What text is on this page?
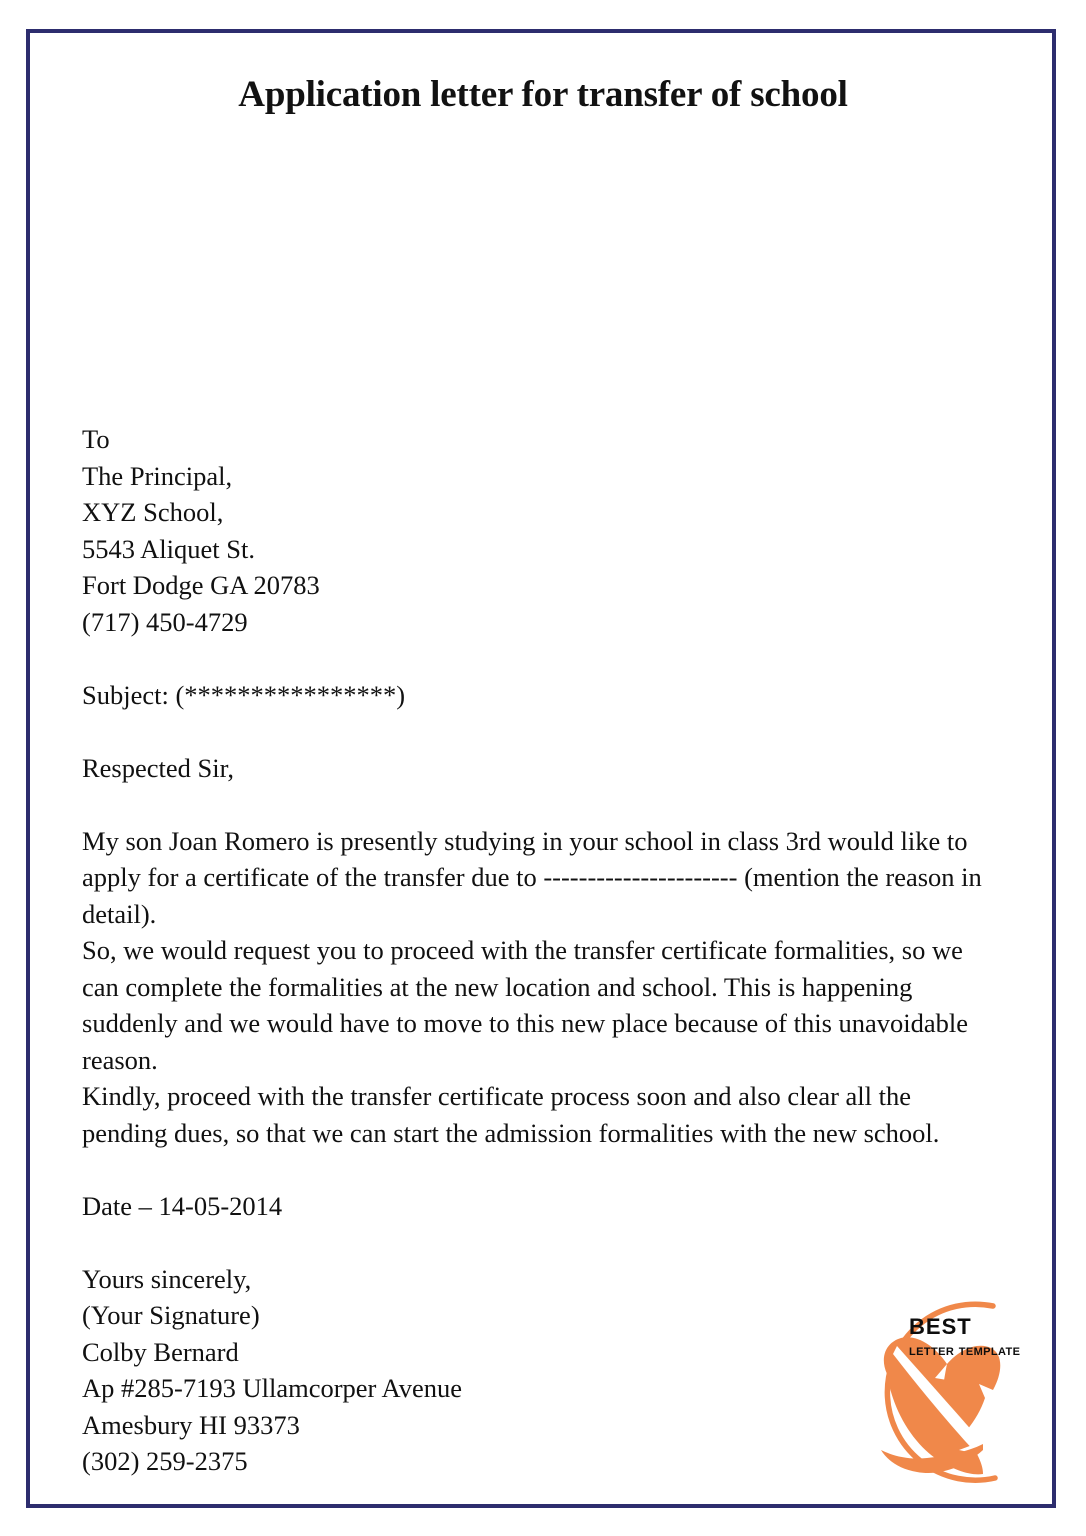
Application letter for transfer of school
To
The Principal,
XYZ School,
5543 Aliquet St.
Fort Dodge GA 20783
(717) 450-4729
Subject: (****************)
Respected Sir,

My son Joan Romero is presently studying in your school in class 3rd would like to apply for a certificate of the transfer due to ---------------------- (mention the reason in detail).

So, we would request you to proceed with the transfer certificate formalities, so we can complete the formalities at the new location and school. This is happening suddenly and we would have to move to this new place because of this unavoidable reason.

Kindly, proceed with the transfer certificate process soon and also clear all the pending dues, so that we can start the admission formalities with the new school.

Date – 14-05-2014
Yours sincerely,
(Your Signature)
Colby Bernard
Ap #285-7193 Ullamcorper Avenue
Amesbury HI 93373
(302) 259-2375
best
letter template
